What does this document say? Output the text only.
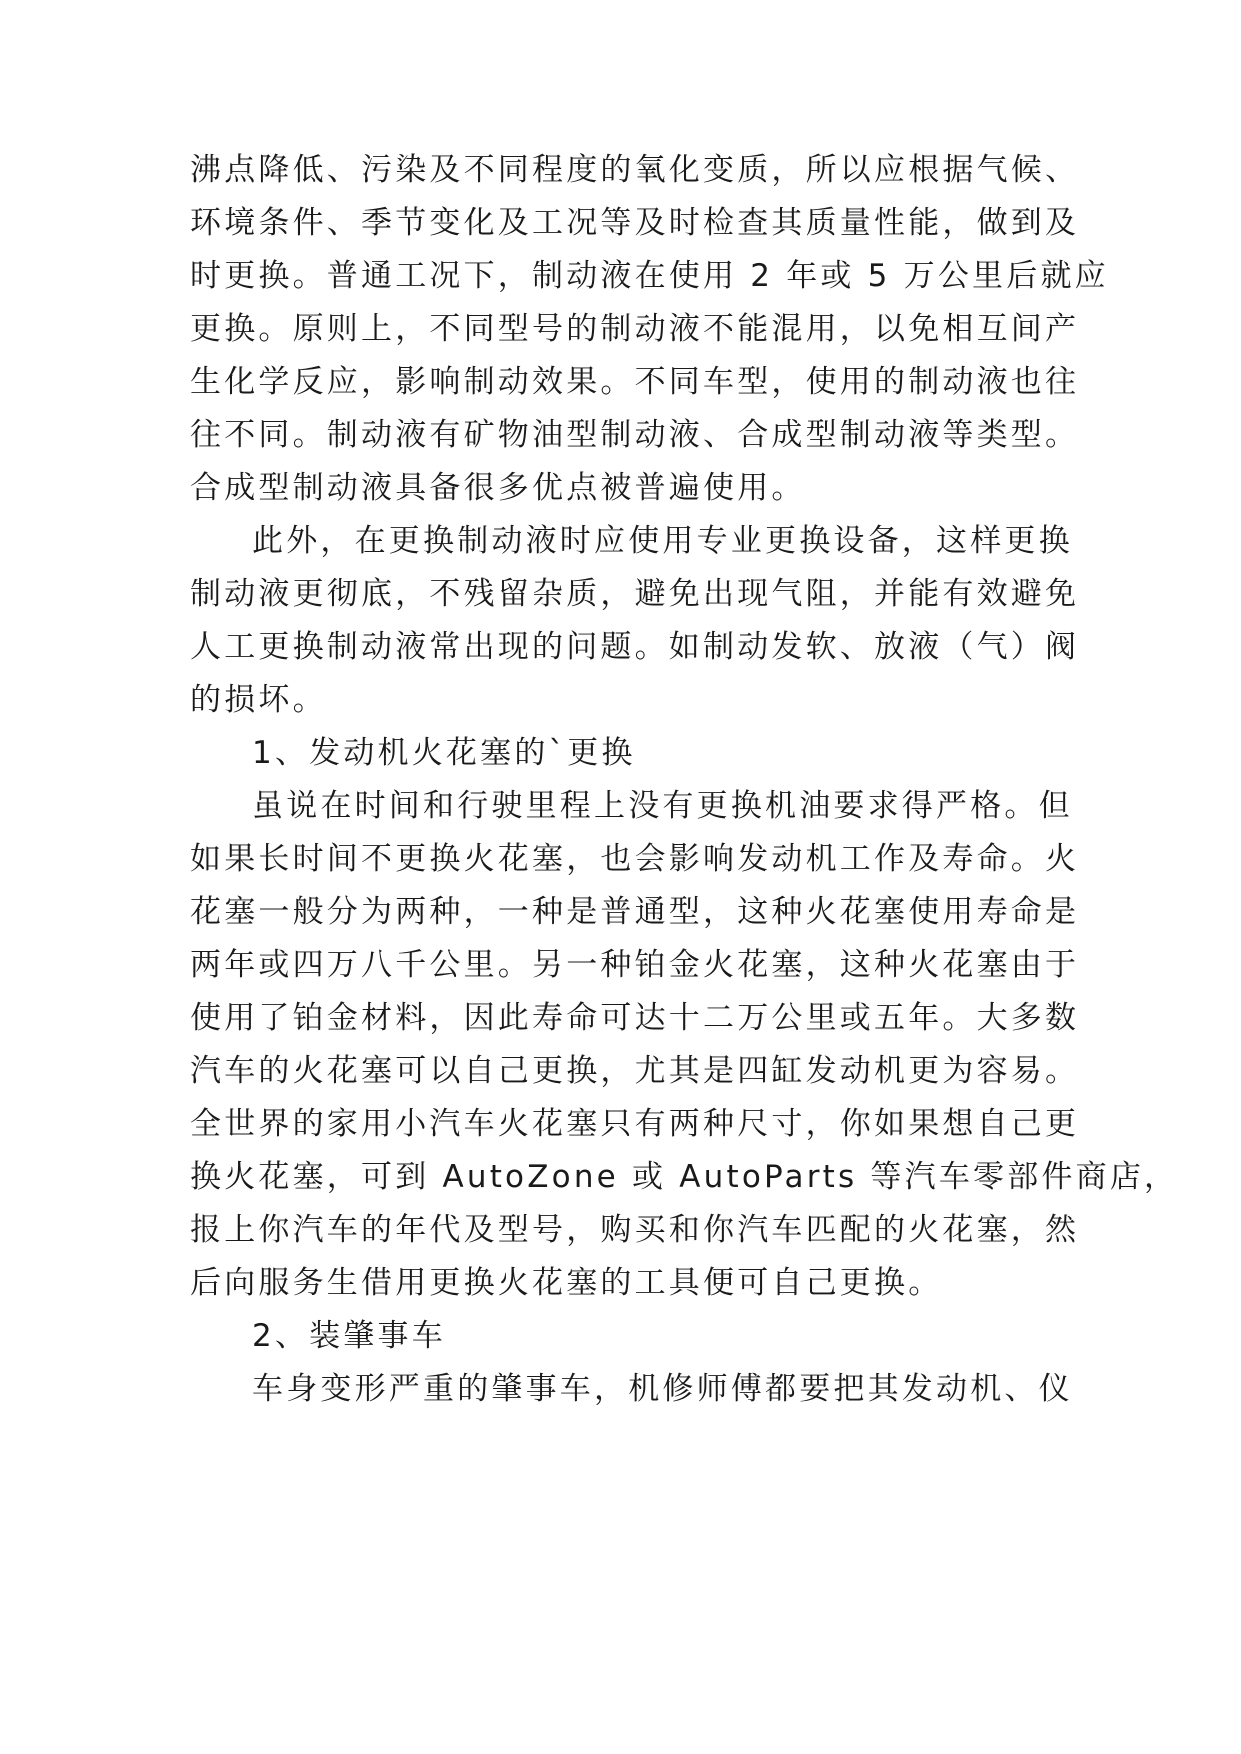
沸点降低、污染及不同程度的氧化变质，所以应根据气候、
环境条件、季节变化及工况等及时检查其质量性能，做到及
时更换。普通工况下，制动液在使用 2 年或 5 万公里后就应
更换。原则上，不同型号的制动液不能混用，以免相互间产
生化学反应，影响制动效果。不同车型，使用的制动液也往
往不同。制动液有矿物油型制动液、合成型制动液等类型。
合成型制动液具备很多优点被普遍使用。
此外，在更换制动液时应使用专业更换设备，这样更换
制动液更彻底，不残留杂质，避免出现气阻，并能有效避免
人工更换制动液常出现的问题。如制动发软、放液（气）阀
的损坏。
1、发动机火花塞的`更换
虽说在时间和行驶里程上没有更换机油要求得严格。但
如果长时间不更换火花塞，也会影响发动机工作及寿命。火
花塞一般分为两种，一种是普通型，这种火花塞使用寿命是
两年或四万八千公里。另一种铂金火花塞，这种火花塞由于
使用了铂金材料，因此寿命可达十二万公里或五年。大多数
汽车的火花塞可以自己更换，尤其是四缸发动机更为容易。
全世界的家用小汽车火花塞只有两种尺寸，你如果想自己更
换火花塞，可到 AutoZone 或 AutoParts 等汽车零部件商店，
报上你汽车的年代及型号，购买和你汽车匹配的火花塞，然
后向服务生借用更换火花塞的工具便可自己更换。
2、装肇事车
车身变形严重的肇事车，机修师傅都要把其发动机、仪
